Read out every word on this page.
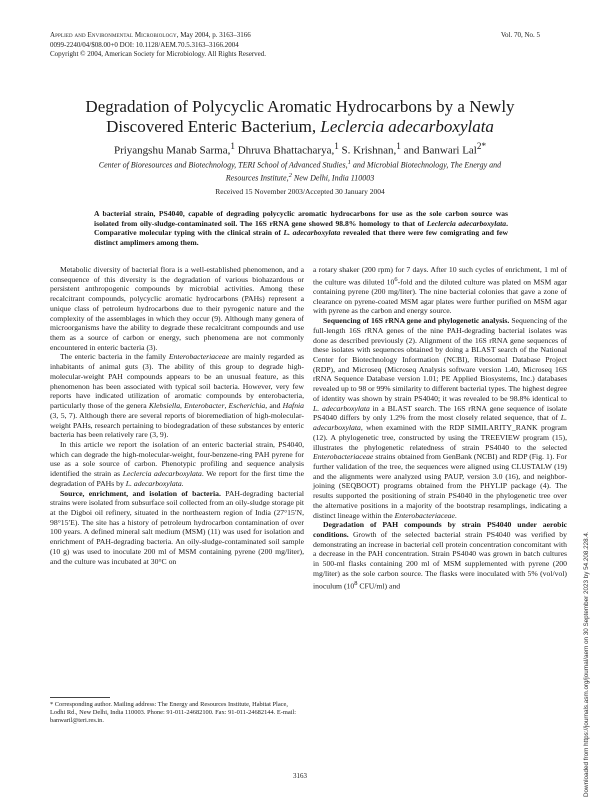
Applied and Environmental Microbiology, May 2004, p. 3163–3166
0099-2240/04/$08.00+0 DOI: 10.1128/AEM.70.5.3163–3166.2004
Copyright © 2004, American Society for Microbiology. All Rights Reserved.
Vol. 70, No. 5
Degradation of Polycyclic Aromatic Hydrocarbons by a Newly
Discovered Enteric Bacterium, Leclercia adecarboxylata
Priyangshu Manab Sarma,$^1$ Dhruva Bhattacharya,$^1$ S. Krishnan,$^1$ and Banwari Lal$^{2*}$
Center of Bioresources and Biotechnology, TERI School of Advanced Studies,$^1$ and Microbial Biotechnology, The Energy and Resources Institute,$^2$ New Delhi, India 110003
Received 15 November 2003/Accepted 30 January 2004
A bacterial strain, PS4040, capable of degrading polycyclic aromatic hydrocarbons for use as the sole carbon source was isolated from oily-sludge-contaminated soil. The 16S rRNA gene showed 98.8% homology to that of Leclercia adecarboxylata. Comparative molecular typing with the clinical strain of L. adecarboxylata revealed that there were few comigrating and few distinct amplimers among them.

Metabolic diversity of bacterial flora is a well-established phenomenon, and a consequence of this diversity is the degradation of various biohazardous or persistent anthropogenic compounds by microbial activities. Among these recalcitrant compounds, polycyclic aromatic hydrocarbons (PAHs) represent a unique class of petroleum hydrocarbons due to their pyrogenic nature and the complexity of the assemblages in which they occur (9). Although many genera of microorganisms have the ability to degrade these recalcitrant compounds and use them as a source of carbon or energy, such phenomena are not commonly encountered in enteric bacteria (3).

The enteric bacteria in the family Enterobacteriaceae are mainly regarded as inhabitants of animal guts (3). The ability of this group to degrade high-molecular-weight PAH compounds appears to be an unusual feature, as this phenomenon has been associated with typical soil bacteria. However, very few reports have indicated utilization of aromatic compounds by enterobacteria, particularly those of the genera Klebsiella, Enterobacter, Escherichia, and Hafnia (3, 5, 7). Although there are several reports of bioremediation of high-molecular-weight PAHs, research pertaining to biodegradation of these substances by enteric bacteria has been relatively rare (3, 9).

In this article we report the isolation of an enteric bacterial strain, PS4040, which can degrade the high-molecular-weight, four-benzene-ring PAH pyrene for use as a sole source of carbon. Phenotypic profiling and sequence analysis identified the strain as Leclercia adecarboxylata. We report for the first time the degradation of PAHs by L. adecarboxylata.

Source, enrichment, and isolation of bacteria. PAH-degrading bacterial strains were isolated from subsurface soil collected from an oily-sludge storage pit at the Digboi oil refinery, situated in the northeastern region of India (27°15′N, 98°15′E). The site has a history of petroleum hydrocarbon contamination of over 100 years. A defined mineral salt medium (MSM) (11) was used for isolation and enrichment of PAH-degrading bacteria. An oily-sludge-contaminated soil sample (10 g) was used to inoculate 200 ml of MSM containing pyrene (200 mg/liter), and the culture was incubated at 30°C on

a rotary shaker (200 rpm) for 7 days. After 10 such cycles of enrichment, 1 ml of the culture was diluted $10^6$-fold and the diluted culture was plated on MSM agar containing pyrene (200 mg/liter). The nine bacterial colonies that gave a zone of clearance on pyrene-coated MSM agar plates were further purified on MSM agar with pyrene as the carbon and energy source.

Sequencing of 16S rRNA gene and phylogenetic analysis. Sequencing of the full-length 16S rRNA genes of the nine PAH-degrading bacterial isolates was done as described previously (2). Alignment of the 16S rRNA gene sequences of these isolates with sequences obtained by doing a BLAST search of the National Center for Biotechnology Information (NCBI), Ribosomal Database Project (RDP), and Microseq (Microseq Analysis software version 1.40, Microseq 16S rRNA Sequence Database version 1.01; PE Applied Biosystems, Inc.) databases revealed up to 98 or 99% similarity to different bacterial types. The highest degree of identity was shown by strain PS4040; it was revealed to be 98.8% identical to L. adecarboxylata in a BLAST search. The 16S rRNA gene sequence of isolate PS4040 differs by only 1.2% from the most closely related sequence, that of L. adecarboxylata, when examined with the RDP SIMILARITY_RANK program (12). A phylogenetic tree, constructed by using the TREEVIEW program (15), illustrates the phylogenetic relatedness of strain PS4040 to the selected Enterobacteriaceae strains obtained from GenBank (NCBI) and RDP (Fig. 1). For further validation of the tree, the sequences were aligned using CLUSTALW (19) and the alignments were analyzed using PAUP, version 3.0 (16), and neighbor-joining (SEQBOOT) programs obtained from the PHYLIP package (4). The results supported the positioning of strain PS4040 in the phylogenetic tree over the alternative positions in a majority of the bootstrap resamplings, indicating a distinct lineage within the Enterobacteriaceae.

Degradation of PAH compounds by strain PS4040 under aerobic conditions. Growth of the selected bacterial strain PS4040 was verified by demonstrating an increase in bacterial cell protein concentration concomitant with a decrease in the PAH concentration. Strain PS4040 was grown in batch cultures in 500-ml flasks containing 200 ml of MSM supplemented with pyrene (200 mg/liter) as the sole carbon source. The flasks were inoculated with 5% (vol/vol) inoculum ($10^8$ CFU/ml) and

* Corresponding author. Mailing address: The Energy and Resources Institute, Habitat Place, Lodhi Rd., New Delhi, India 110003. Phone: 91-011-24682100. Fax: 91-011-24682144. E-mail: banwaril@teri.res.in.
3163	Downloaded from https://journals.asm.org/journal/aem on 30 September 2023 by 54.208.228.4.
